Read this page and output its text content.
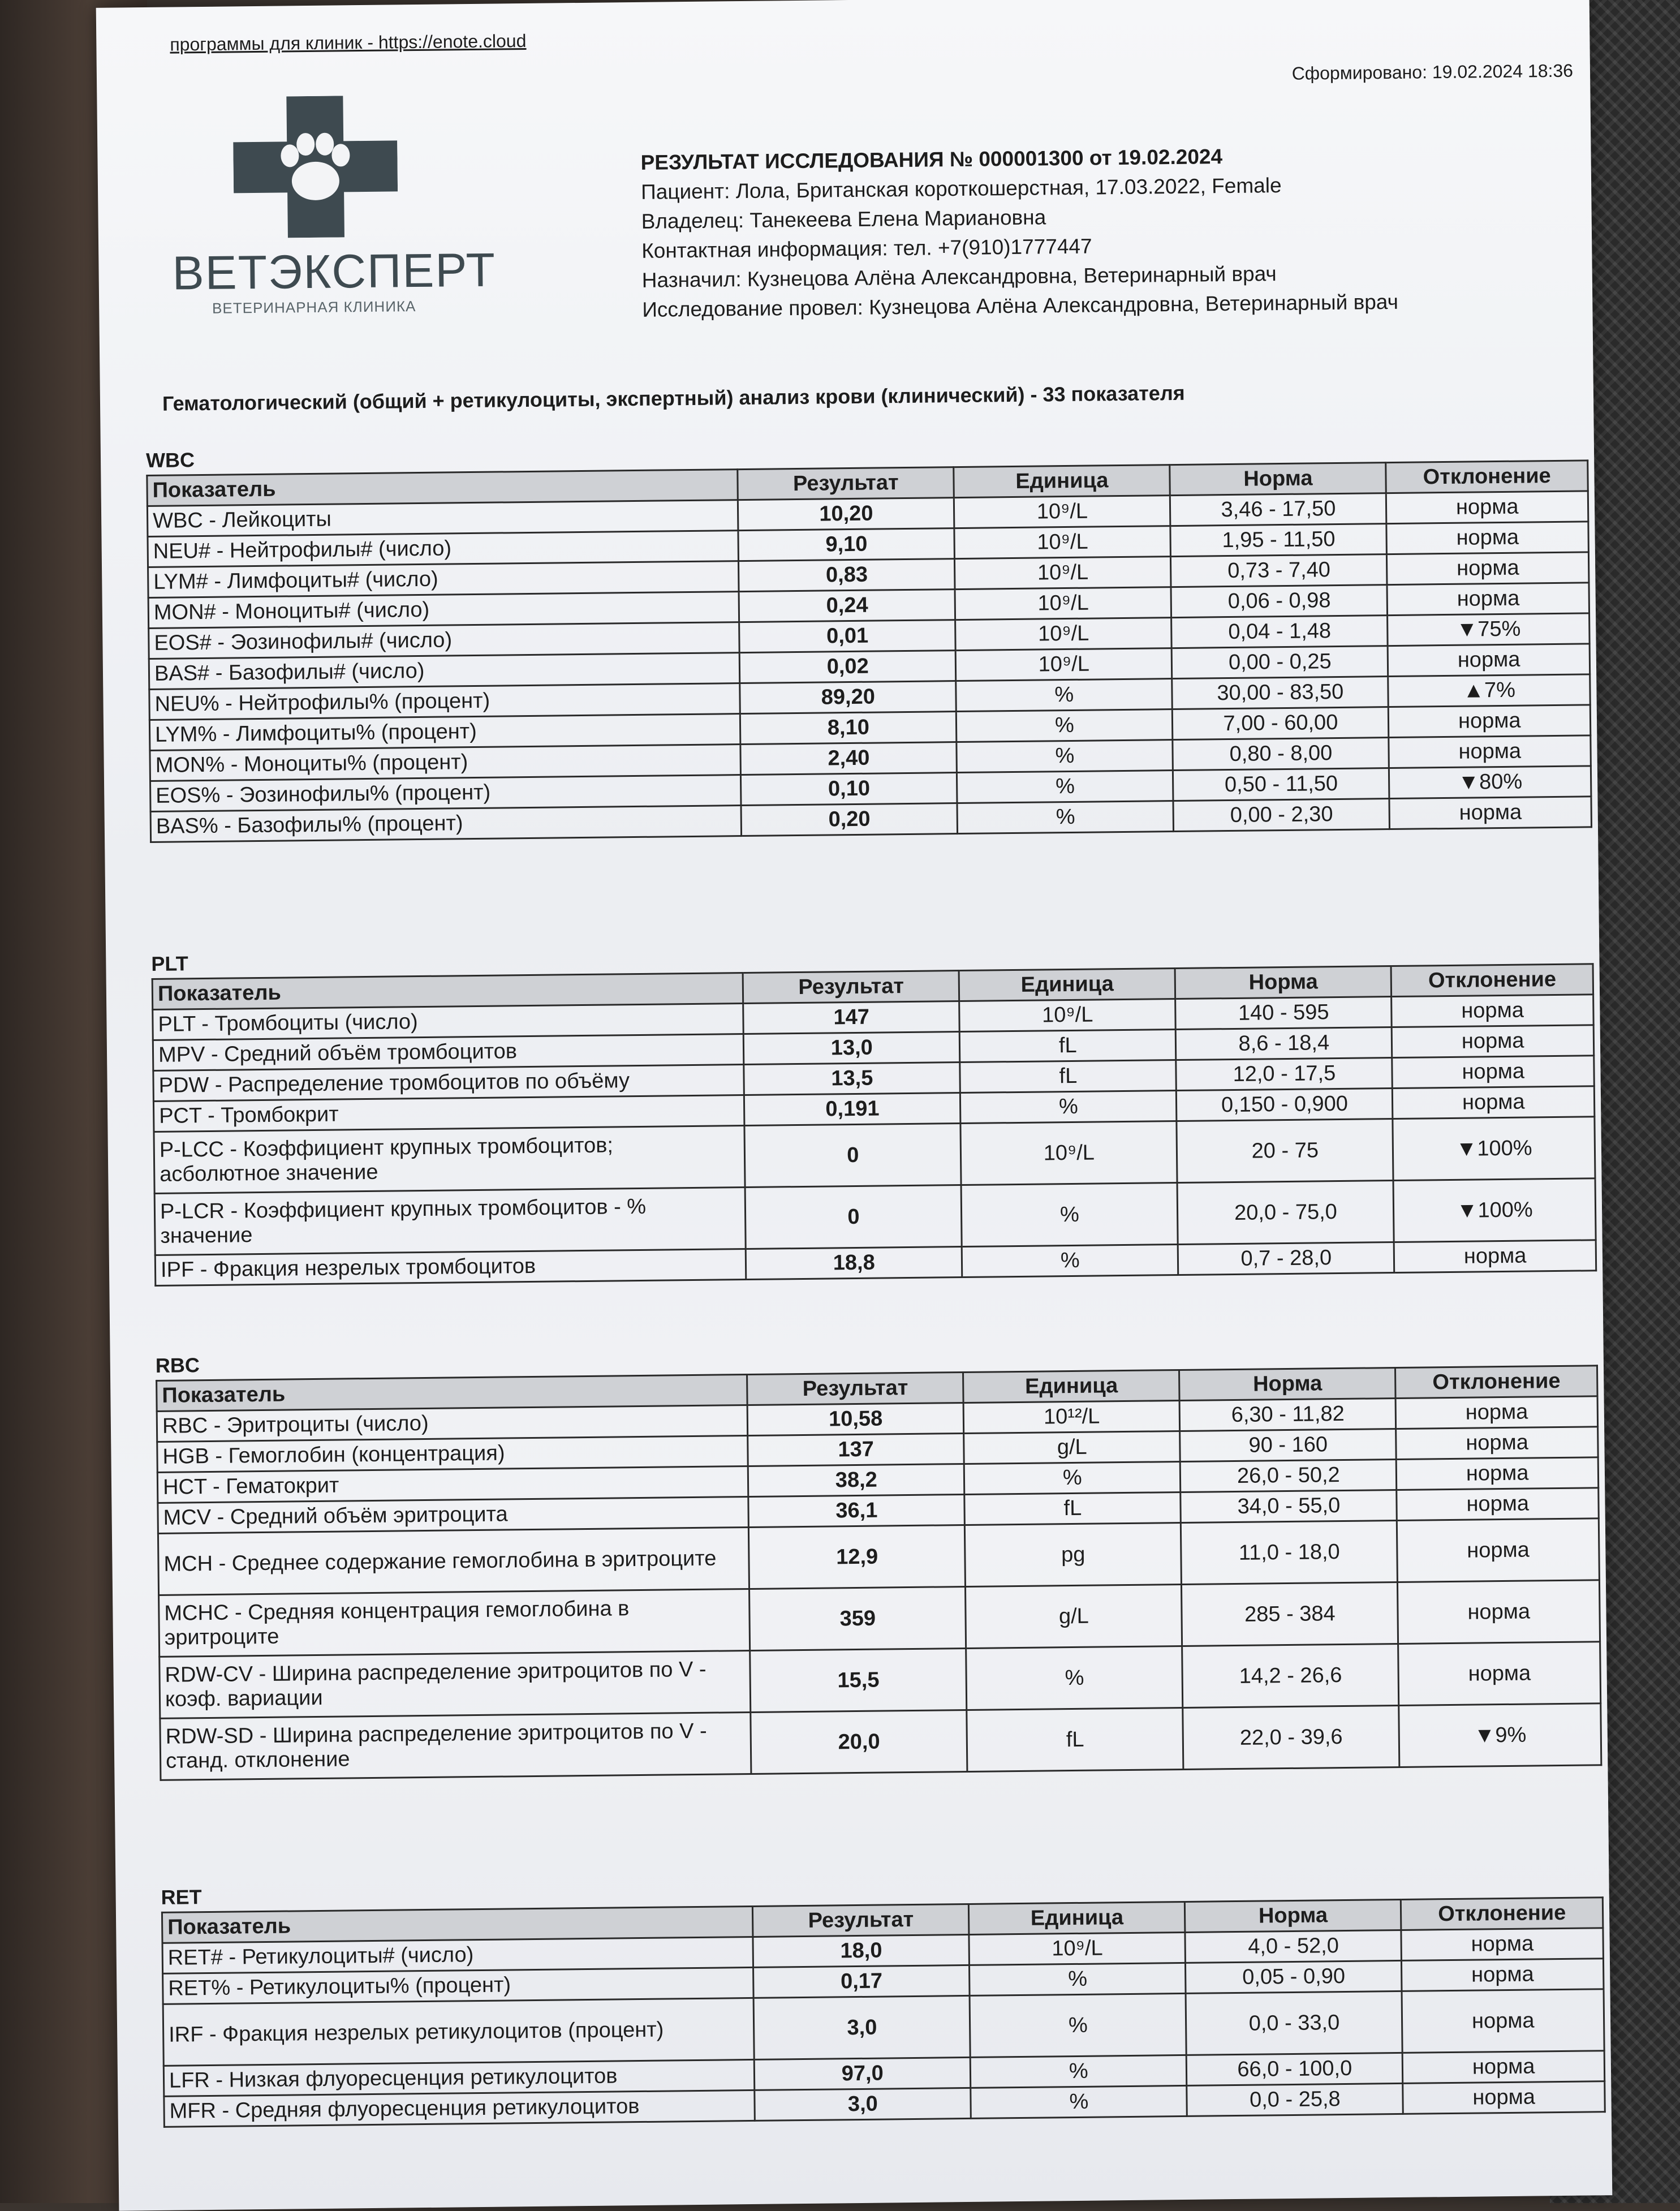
программы для клиник - https://enote.cloud
Сформировано: 19.02.2024 18:36
ВЕТЭКСПЕРТ
ВЕТЕРИНАРНАЯ КЛИНИКА
РЕЗУЛЬТАТ ИССЛЕДОВАНИЯ № 000001300 от 19.02.2024
Пациент: Лола, Британская короткошерстная, 17.03.2022, Female
Владелец: Танекеева Елена Мариановна
Контактная информация: тел. +7(910)1777447
Назначил: Кузнецова Алёна Александровна, Ветеринарный врач
Исследование провел: Кузнецова Алёна Александровна, Ветеринарный врач
Гематологический (общий + ретикулоциты, экспертный) анализ крови (клинический) - 33 показателя
WBC
Показатель	Результат	Единица	Норма	Отклонение
WBC - Лейкоциты	10,20	10⁹/L	3,46 - 17,50	норма
NEU# - Нейтрофилы# (число)	9,10	10⁹/L	1,95 - 11,50	норма
LYM# - Лимфоциты# (число)	0,83	10⁹/L	0,73 - 7,40	норма
MON# - Моноциты# (число)	0,24	10⁹/L	0,06 - 0,98	норма
EOS# - Эозинофилы# (число)	0,01	10⁹/L	0,04 - 1,48	▼75%
BAS# - Базофилы# (число)	0,02	10⁹/L	0,00 - 0,25	норма
NEU% - Нейтрофилы% (процент)	89,20	%	30,00 - 83,50	▲7%
LYM% - Лимфоциты% (процент)	8,10	%	7,00 - 60,00	норма
MON% - Моноциты% (процент)	2,40	%	0,80 - 8,00	норма
EOS% - Эозинофилы% (процент)	0,10	%	0,50 - 11,50	▼80%
BAS% - Базофилы% (процент)	0,20	%	0,00 - 2,30	норма
PLT
Показатель	Результат	Единица	Норма	Отклонение
PLT - Тромбоциты (число)	147	10⁹/L	140 - 595	норма
MPV - Средний объём тромбоцитов	13,0	fL	8,6 - 18,4	норма
PDW - Распределение тромбоцитов по объёму	13,5	fL	12,0 - 17,5	норма
PCT - Тромбокрит	0,191	%	0,150 - 0,900	норма
P-LCC - Коэффициент крупных тромбоцитов; асболютное значение	0	10⁹/L	20 - 75	▼100%
P-LCR - Коэффициент крупных тромбоцитов - % значение	0	%	20,0 - 75,0	▼100%
IPF - Фракция незрелых тромбоцитов	18,8	%	0,7 - 28,0	норма
RBC
Показатель	Результат	Единица	Норма	Отклонение
RBC - Эритроциты (число)	10,58	10¹²/L	6,30 - 11,82	норма
HGB - Гемоглобин (концентрация)	137	g/L	90 - 160	норма
HCT - Гематокрит	38,2	%	26,0 - 50,2	норма
MCV - Средний объём эритроцита	36,1	fL	34,0 - 55,0	норма
MCH - Среднее содержание гемоглобина в эритроците	12,9	pg	11,0 - 18,0	норма
MCHC - Средняя концентрация гемоглобина в эритроците	359	g/L	285 - 384	норма
RDW-CV - Ширина распределение эритроцитов по V - коэф. вариации	15,5	%	14,2 - 26,6	норма
RDW-SD - Ширина распределение эритроцитов по V - станд. отклонение	20,0	fL	22,0 - 39,6	▼9%
RET
Показатель	Результат	Единица	Норма	Отклонение
RET# - Ретикулоциты# (число)	18,0	10⁹/L	4,0 - 52,0	норма
RET% - Ретикулоциты% (процент)	0,17	%	0,05 - 0,90	норма
IRF - Фракция незрелых ретикулоцитов (процент)	3,0	%	0,0 - 33,0	норма
LFR - Низкая флуоресценция ретикулоцитов	97,0	%	66,0 - 100,0	норма
MFR - Средняя флуоресценция ретикулоцитов	3,0	%	0,0 - 25,8	норма
